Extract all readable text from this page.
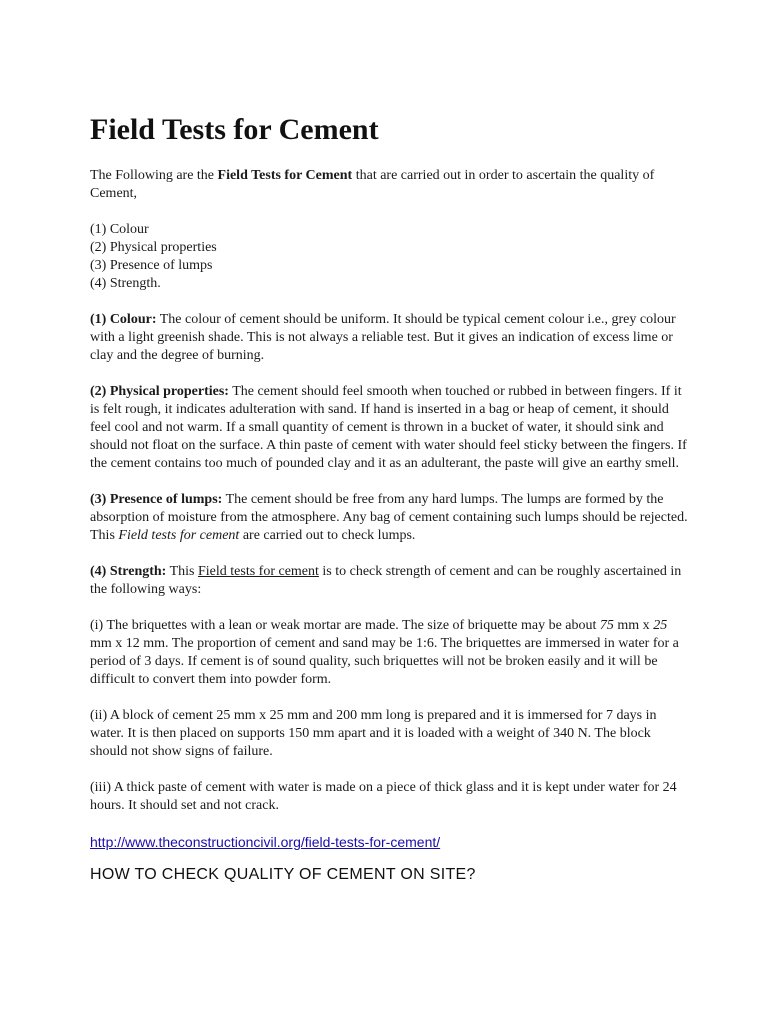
Field Tests for Cement

The Following are the Field Tests for Cement that are carried out in order to ascertain the quality of Cement,

(1) Colour
(2) Physical properties
(3) Presence of lumps
(4) Strength.

(1) Colour: The colour of cement should be uniform. It should be typical cement colour i.e., grey colour with a light greenish shade. This is not always a reliable test. But it gives an indication of excess lime or clay and the degree of burning.

(2) Physical properties: The cement should feel smooth when touched or rubbed in between fingers. If it is felt rough, it indicates adulteration with sand. If hand is inserted in a bag or heap of cement, it should feel cool and not warm. If a small quantity of cement is thrown in a bucket of water, it should sink and should not float on the surface. A thin paste of cement with water should feel sticky between the fingers. If the cement contains too much of pounded clay and it as an adulterant, the paste will give an earthy smell.

(3) Presence of lumps: The cement should be free from any hard lumps. The lumps are formed by the absorption of moisture from the atmosphere. Any bag of cement containing such lumps should be rejected. This Field tests for cement are carried out to check lumps.

(4) Strength: This Field tests for cement is to check strength of cement and can be roughly ascertained in the following ways:

(i) The briquettes with a lean or weak mortar are made. The size of briquette may be about 75 mm x 25 mm x 12 mm. The proportion of cement and sand may be 1:6. The briquettes are immersed in water for a period of 3 days. If cement is of sound quality, such briquettes will not be broken easily and it will be difficult to convert them into powder form.

(ii) A block of cement 25 mm x 25 mm and 200 mm long is prepared and it is immersed for 7 days in water. It is then placed on supports 150 mm apart and it is loaded with a weight of 340 N. The block should not show signs of failure.

(iii) A thick paste of cement with water is made on a piece of thick glass and it is kept under water for 24 hours. It should set and not crack.

http://www.theconstructioncivil.org/field-tests-for-cement/
HOW TO CHECK QUALITY OF CEMENT ON SITE?
